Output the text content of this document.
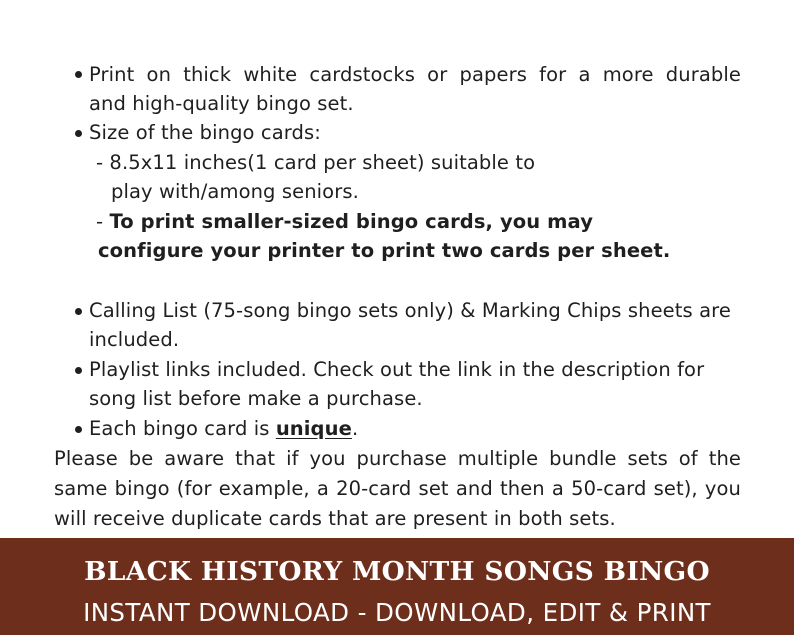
Print on thick white cardstocks or papers for a more durable
and high-quality bingo set.
Size of the bingo cards:
- 8.5x11 inches(1 card per sheet) suitable to
play with/among seniors.
- To print smaller-sized bingo cards, you may
configure your printer to print two cards per sheet.
Calling List (75-song bingo sets only) & Marking Chips sheets are
included.
Playlist links included. Check out the link in the description for
song list before make a purchase.
Each bingo card is unique.
Please be aware that if you purchase multiple bundle sets of the
same bingo (for example, a 20-card set and then a 50-card set), you
will receive duplicate cards that are present in both sets.
BLACK HISTORY MONTH SONGS BINGO
INSTANT DOWNLOAD - DOWNLOAD, EDIT & PRINT
